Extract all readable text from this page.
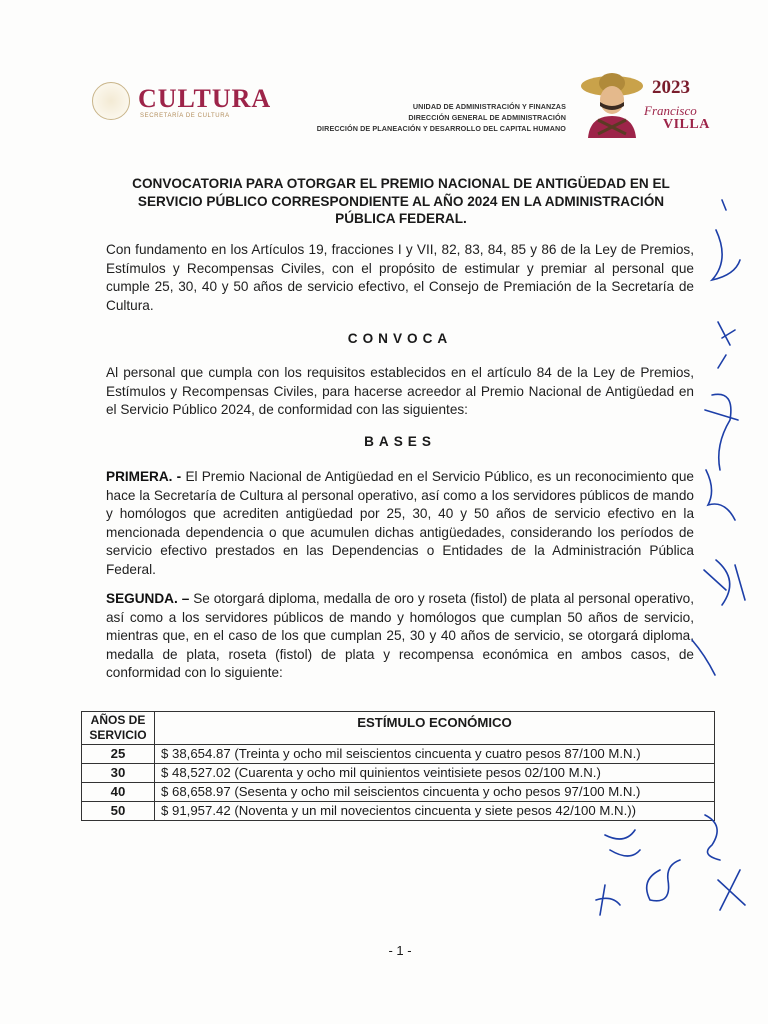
CULTURA
SECRETARÍA DE CULTURA
UNIDAD DE ADMINISTRACIÓN Y FINANZAS
DIRECCIÓN GENERAL DE ADMINISTRACIÓN
DIRECCIÓN DE PLANEACIÓN Y DESARROLLO DEL CAPITAL HUMANO
2023
Francisco
VILLA
CONVOCATORIA PARA OTORGAR EL PREMIO NACIONAL DE ANTIGÜEDAD EN EL SERVICIO PÚBLICO CORRESPONDIENTE AL AÑO 2024 EN LA ADMINISTRACIÓN PÚBLICA FEDERAL.
Con fundamento en los Artículos 19, fracciones I y VII, 82, 83, 84, 85 y 86 de la Ley de Premios, Estímulos y Recompensas Civiles, con el propósito de estimular y premiar al personal que cumple 25, 30, 40 y 50 años de servicio efectivo, el Consejo de Premiación de la Secretaría de Cultura.
CONVOCA
Al personal que cumpla con los requisitos establecidos en el artículo 84 de la Ley de Premios, Estímulos y Recompensas Civiles, para hacerse acreedor al Premio Nacional de Antigüedad en el Servicio Público 2024, de conformidad con las siguientes:
BASES
PRIMERA. - El Premio Nacional de Antigüedad en el Servicio Público, es un reconocimiento que hace la Secretaría de Cultura al personal operativo, así como a los servidores públicos de mando y homólogos que acrediten antigüedad por 25, 30, 40 y 50 años de servicio efectivo en la mencionada dependencia o que acumulen dichas antigüedades, considerando los períodos de servicio efectivo prestados en las Dependencias o Entidades de la Administración Pública Federal.
SEGUNDA. – Se otorgará diploma, medalla de oro y roseta (fistol) de plata al personal operativo, así como a los servidores públicos de mando y homólogos que cumplan 50 años de servicio, mientras que, en el caso de los que cumplan 25, 30 y 40 años de servicio, se otorgará diploma, medalla de plata, roseta (fistol) de plata y recompensa económica en ambos casos, de conformidad con lo siguiente:
AÑOS DE SERVICIO	ESTÍMULO ECONÓMICO
25	$ 38,654.87 (Treinta y ocho mil seiscientos cincuenta y cuatro pesos 87/100 M.N.)
30	$ 48,527.02 (Cuarenta y ocho mil quinientos veintisiete pesos 02/100 M.N.)
40	$ 68,658.97 (Sesenta y ocho mil seiscientos cincuenta y ocho pesos 97/100 M.N.)
50	$ 91,957.42 (Noventa y un mil novecientos cincuenta y siete pesos 42/100 M.N.))
- 1 -
